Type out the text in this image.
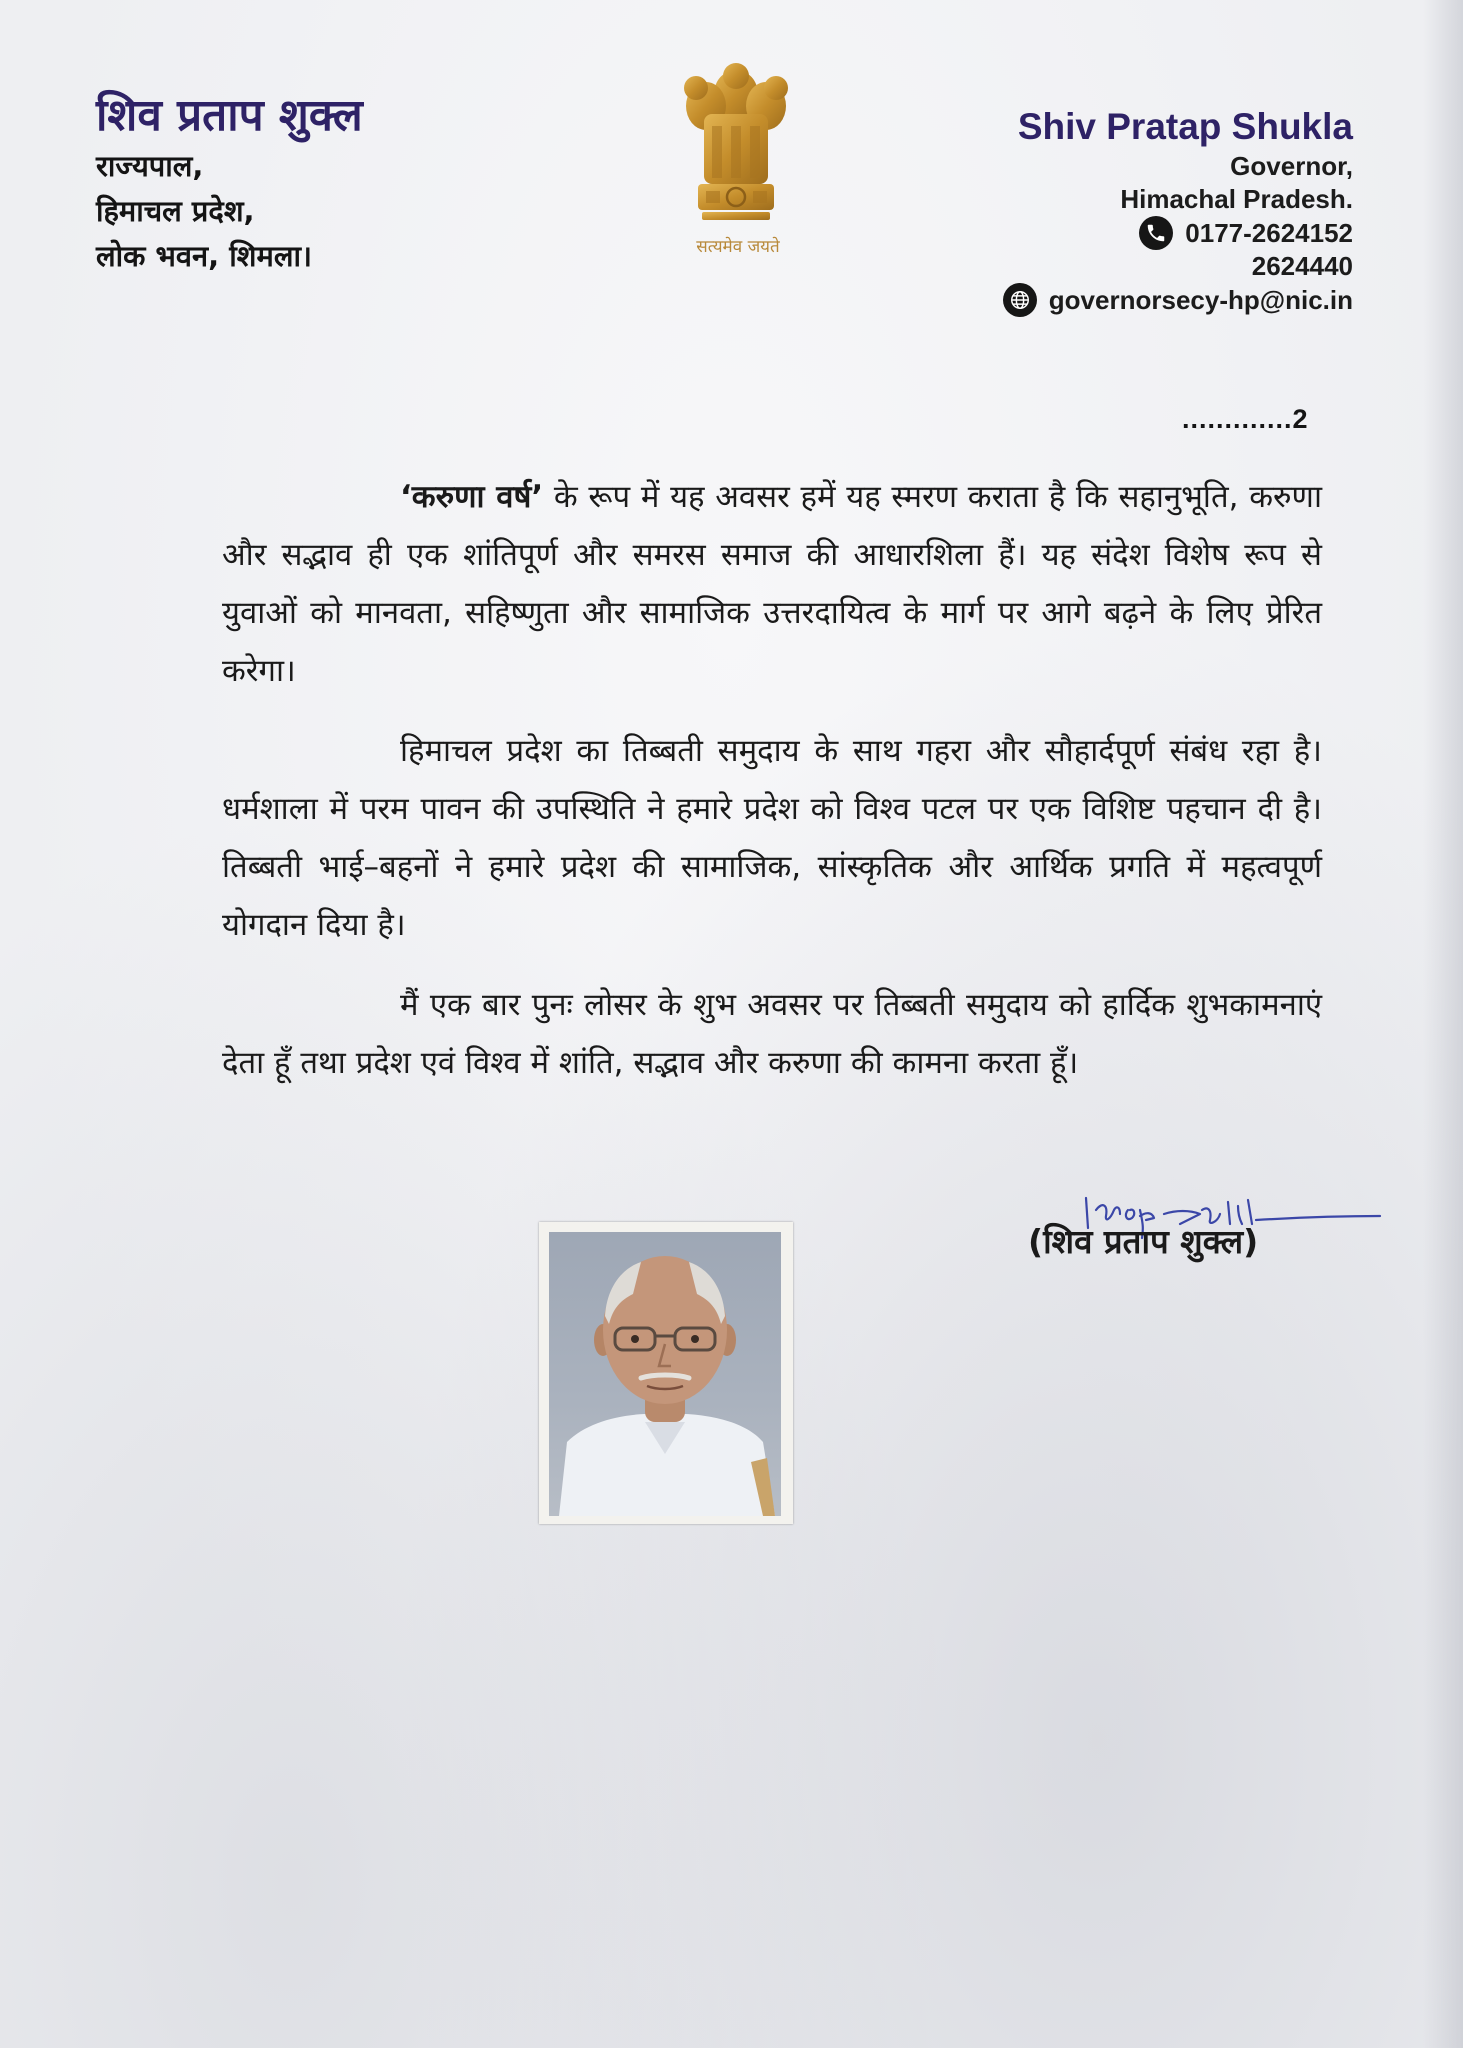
शिव प्रताप शुक्ल
राज्यपाल,
हिमाचल प्रदेश,
लोक भवन, शिमला।	सत्यमेव जयते
Shiv Pratap Shukla
Governor,
Himachal Pradesh.
0177-2624152
2624440
governorsecy-hp@nic.in
.............2

‘करुणा वर्ष’ के रूप में यह अवसर हमें यह स्मरण कराता है कि सहानुभूति, करुणा और सद्भाव ही एक शांतिपूर्ण और समरस समाज की आधारशिला हैं। यह संदेश विशेष रूप से युवाओं को मानवता, सहिष्णुता और सामाजिक उत्तरदायित्व के मार्ग पर आगे बढ़ने के लिए प्रेरित करेगा।

हिमाचल प्रदेश का तिब्बती समुदाय के साथ गहरा और सौहार्दपूर्ण संबंध रहा है। धर्मशाला में परम पावन की उपस्थिति ने हमारे प्रदेश को विश्व पटल पर एक विशिष्ट पहचान दी है। तिब्बती भाई–बहनों ने हमारे प्रदेश की सामाजिक, सांस्कृतिक और आर्थिक प्रगति में महत्वपूर्ण योगदान दिया है।

मैं एक बार पुनः लोसर के शुभ अवसर पर तिब्बती समुदाय को हार्दिक शुभकामनाएं देता हूँ तथा प्रदेश एवं विश्व में शांति, सद्भाव और करुणा की कामना करता हूँ।

(शिव प्रताप शुक्ल)
